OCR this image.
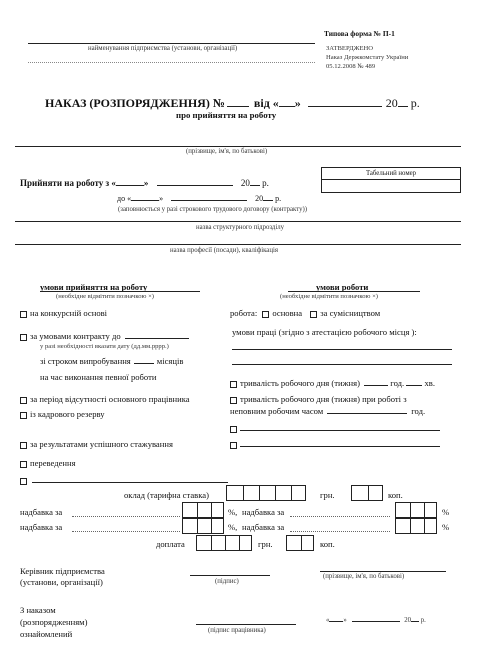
Типова форма № П-1
ЗАТВЕРДЖЕНО
Наказ Держкомстату України
05.12.2008 № 489
найменування підприємства (установи, організації)
НАКАЗ (РОЗПОРЯДЖЕННЯ) № від « »	20 р.
про прийняття на роботу
(прізвище, ім'я, по батькові)
Прийняти на роботу з «	»	20 р.
до «	»	20 р.
(заповнюється у разі строкового трудового договору (контракту))
Табельний номер
назва структурного підрозділу
назва професії (посади), кваліфікація
умови прийняття на роботу
(необхідне відмітити позначкою ×)
на конкурсній основі
за умовами контракту до
у разі необхідності вказати дату (дд.мм.рррр.)
зі строком випробування	місяців
на час виконання певної роботи
за період відсутності основного працівника
із кадрового резерву
за результатами успішного стажування
переведення
умови роботи
(необхідне відмітити позначкою ×)
робота: основна за сумісництвом
умови праці (згідно з атестацією робочого місця ):
тривалість робочого дня (тижня)	год. хв.
тривалість робочого дня (тижня) при роботі з
неповним робочим часом	год.
оклад (тарифна ставка)	грн.	коп.
надбавка за	%, надбавка за	%
надбавка за	%, надбавка за	%
доплата	грн.	коп.
Керівник підприємства
(установи, організації)	(підпис)
(прізвище, ім'я, по батькові)
З наказом
(розпорядженням)
ознайомлений	(підпис працівника)
« »	20 р.
